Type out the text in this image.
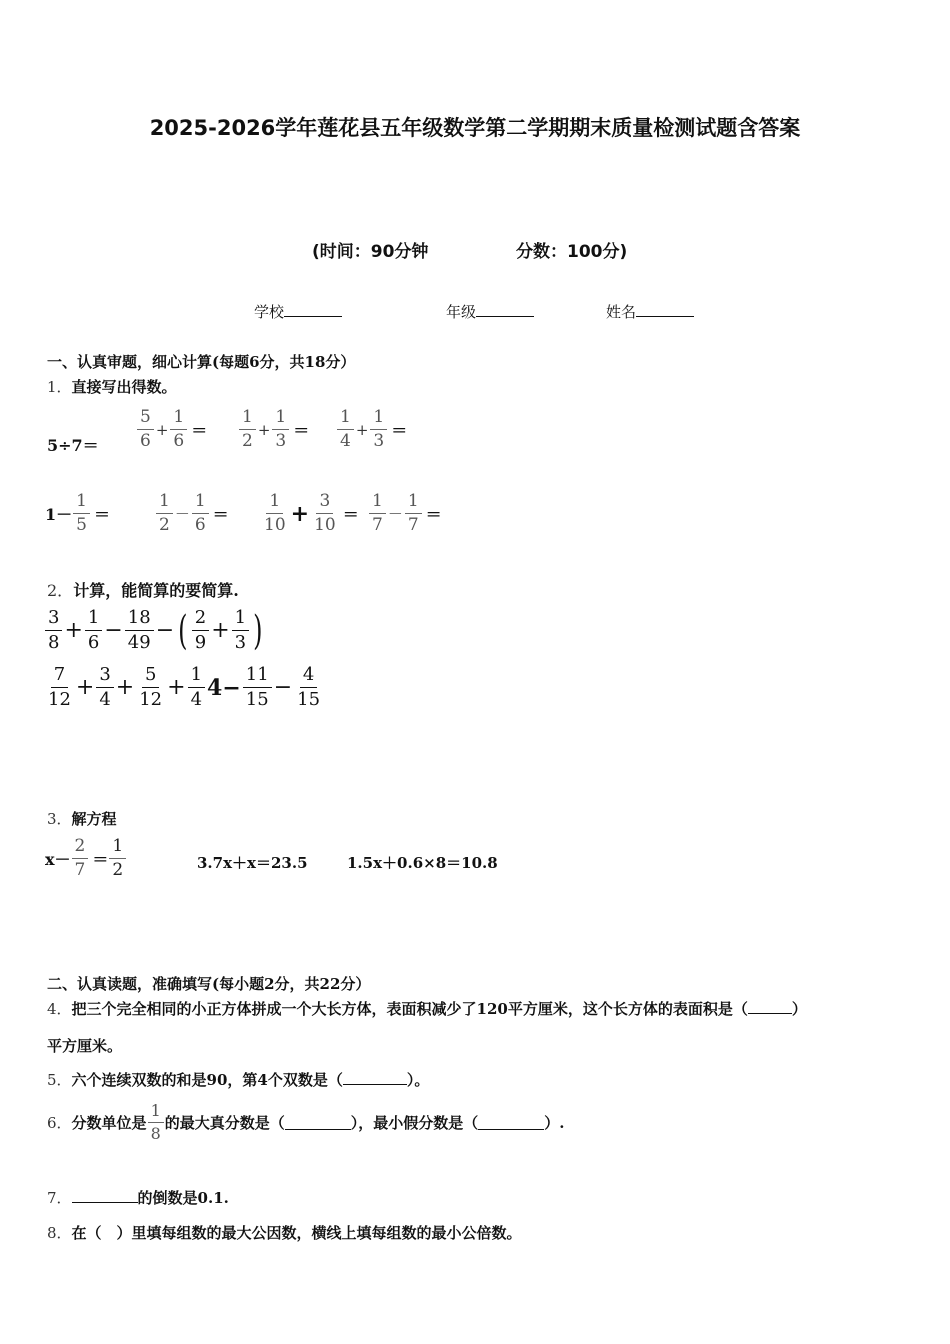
2025-2026学年莲花县五年级数学第二学期期末质量检测试题含答案
(时间：90分钟	分数：100分)
学校	年级	姓名
一、认真审题，细心计算(每题6分，共18分）
1．直接写出得数。
$5\div 7= \frac{5}{6} + \frac{1}{6} = \frac{1}{2} + \frac{1}{3} = \frac{1}{4} + \frac{1}{3}$ ＝
$1- \frac{1}{5}$ ＝	$\frac{1}{2} - \frac{1}{6} = \frac{1}{10} + \frac{3}{10} = \frac{1}{7} - \frac{1}{7}$ ＝
2．计算，能简算的要简算.
$\frac{3}{8} + \frac{1}{6} - \frac{18}{49}$ − ( $\frac{2}{9} + \frac{1}{3}$ )
$\frac{7}{12} + \frac{3}{4} + \frac{5}{12} + \frac{1}{4} 4- \frac{11}{15} - \frac{4}{15}$
3．解方程
$x- \frac{2}{7} = \frac{1}{2}$	3.7x＋x＝23.5	1.5x＋0.6×8＝10.8
二、认真读题，准确填写(每小题2分，共22分）
4．把三个完全相同的小正方体拼成一个大长方体，表面积减少了120平方厘米，这个长方体的表面积是（	）
平方厘米。
5．六个连续双数的和是90，第4个双数是（	）。
6． 分数单位是 $\frac{1}{8}$ 的最大真分数是（	），最小假分数是（	）.
7．	的倒数是0.1.
8．在（　）里填每组数的最大公因数，横线上填每组数的最小公倍数。
